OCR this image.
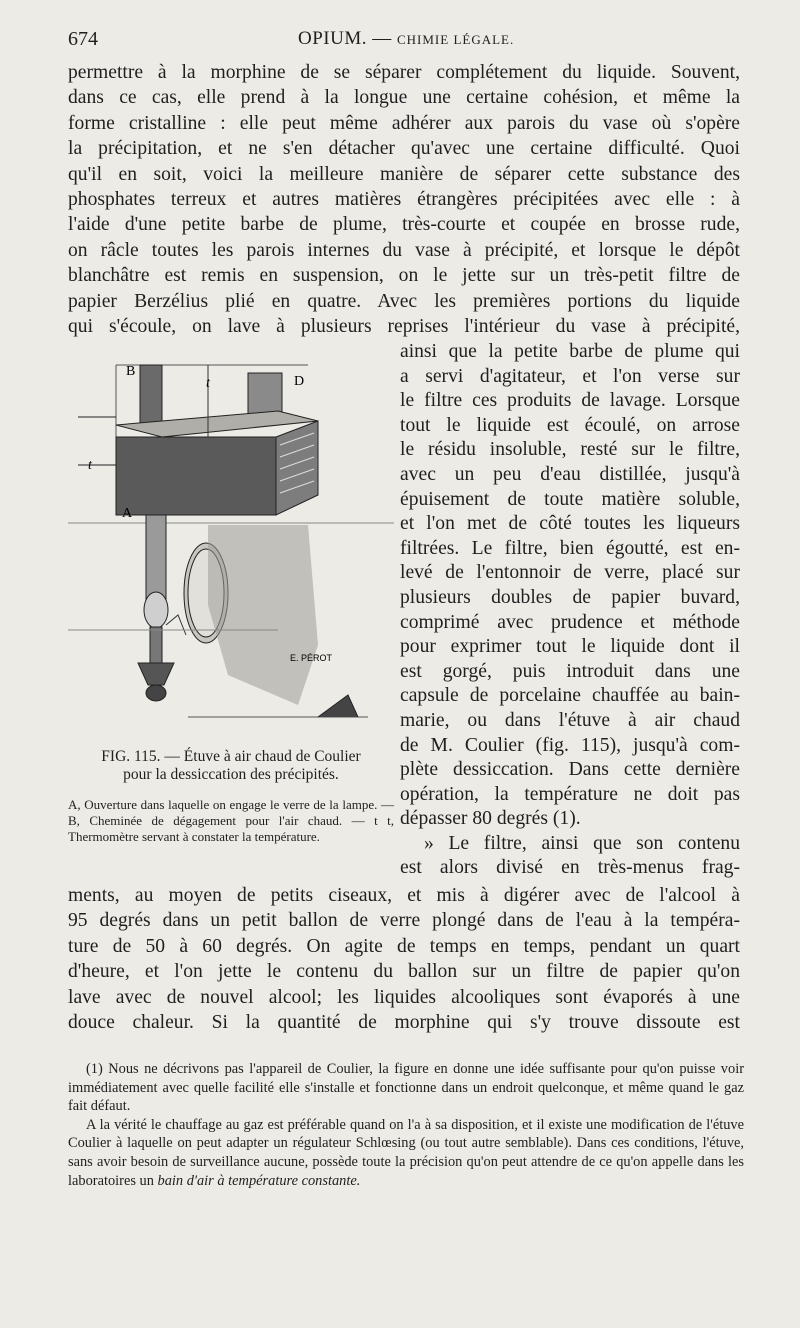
674	OPIUM. — CHIMIE LÉGALE.
permettre à la morphine de se séparer complétement du liquide. Souvent,
dans ce cas, elle prend à la longue une certaine cohésion, et même la
forme cristalline : elle peut même adhérer aux parois du vase où s'opère
la précipitation, et ne s'en détacher qu'avec une certaine difficulté. Quoi
qu'il en soit, voici la meilleure manière de séparer cette substance des
phosphates terreux et autres matières étrangères précipitées avec elle : à
l'aide d'une petite barbe de plume, très-courte et coupée en brosse rude,
on râcle toutes les parois internes du vase à précipité, et lorsque le dépôt
blanchâtre est remis en suspension, on le jette sur un très-petit filtre de
papier Berzélius plié en quatre. Avec les premières portions du liquide
qui s'écoule, on lave à plusieurs reprises l'intérieur du vase à précipité,
B
t	D
t
A
E. PÉROT
FIG. 115. — Étuve à air chaud de Coulier
pour la dessiccation des précipités.
A, Ouverture dans laquelle on engage le verre de la lampe. — B, Cheminée de dégagement pour l'air chaud. — t t, Thermomètre servant à constater la température.
ainsi que la petite barbe de plume qui
a servi d'agitateur, et l'on verse sur
le filtre ces produits de lavage. Lorsque
tout le liquide est écoulé, on arrose
le résidu insoluble, resté sur le filtre,
avec un peu d'eau distillée, jusqu'à
épuisement de toute matière soluble,
et l'on met de côté toutes les liqueurs
filtrées. Le filtre, bien égoutté, est en-
levé de l'entonnoir de verre, placé sur
plusieurs doubles de papier buvard,
comprimé avec prudence et méthode
pour exprimer tout le liquide dont il
est gorgé, puis introduit dans une
capsule de porcelaine chauffée au bain-
marie, ou dans l'étuve à air chaud
de M. Coulier (fig. 115), jusqu'à com-
plète dessiccation. Dans cette dernière
opération, la température ne doit pas
dépasser 80 degrés (1).
» Le filtre, ainsi que son contenu
est alors divisé en très-menus frag-
ments, au moyen de petits ciseaux, et mis à digérer avec de l'alcool à
95 degrés dans un petit ballon de verre plongé dans de l'eau à la tempéra-
ture de 50 à 60 degrés. On agite de temps en temps, pendant un quart
d'heure, et l'on jette le contenu du ballon sur un filtre de papier qu'on
lave avec de nouvel alcool; les liquides alcooliques sont évaporés à une
douce chaleur. Si la quantité de morphine qui s'y trouve dissoute est

(1) Nous ne décrivons pas l'appareil de Coulier, la figure en donne une idée suffisante pour qu'on puisse voir immédiatement avec quelle facilité elle s'installe et fonctionne dans un endroit quelconque, et même quand le gaz fait défaut.

A la vérité le chauffage au gaz est préférable quand on l'a à sa disposition, et il existe une modification de l'étuve Coulier à laquelle on peut adapter un régulateur Schlœsing (ou tout autre semblable). Dans ces conditions, l'étuve, sans avoir besoin de surveillance aucune, possède toute la précision qu'on peut attendre de ce qu'on appelle dans les laboratoires un bain d'air à température constante.
